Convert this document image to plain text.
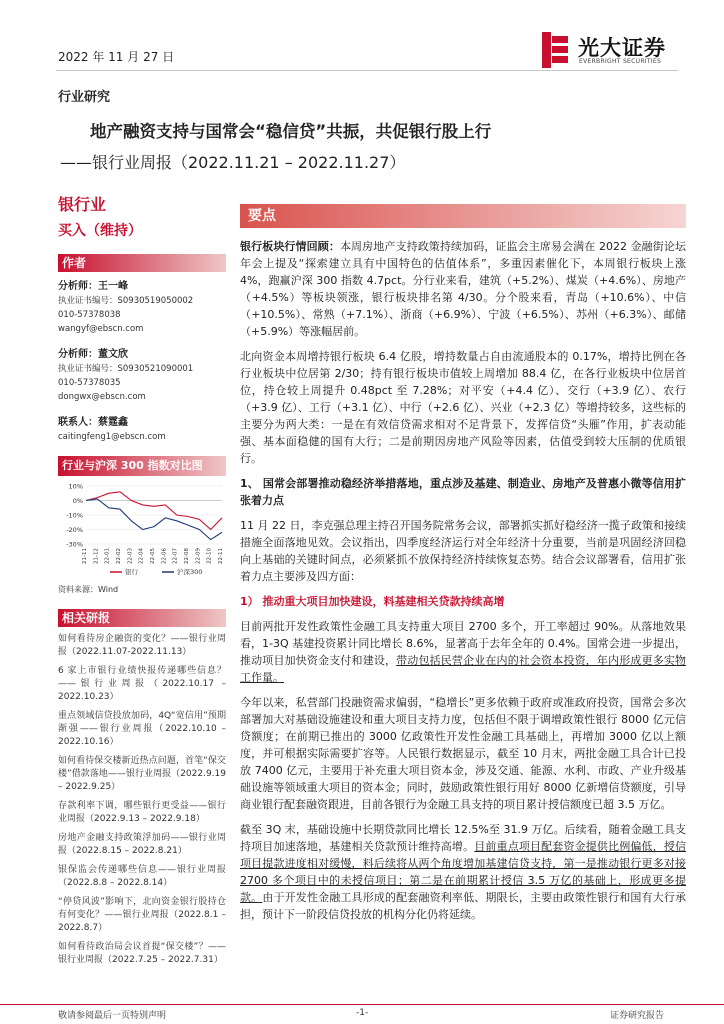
2022 年 11 月 27 日	光大证券
EVERBRIGHT SECURITIES
行业研究
地产融资支持与国常会“稳信贷”共振，共促银行股上行
——银行业周报（2022.11.21 – 2022.11.27）
银行业
买入（维持）
作者
分析师：王一峰
执业证书编号：S0930519050002
010-57378038
wangyf@ebscn.com
分析师：董文欣
执业证书编号：S0930521090001
010-57378035
dongwx@ebscn.com
联系人：蔡霆鑫
caitingfeng1@ebscn.com
行业与沪深 300 指数对比图
10%
0%
-10%
-20%
-30%
21-11 21-12 22-01 22-02 22-03 22-04 22-05 22-06 22-07 22-08 22-09 22-10 22-11
银行	沪深300
资料来源：Wind
相关研报
如何看待房企融资的变化？——银行业周报（2022.11.07-2022.11.13）
6 家上市银行业绩快报传递哪些信息？——银行业周报（2022.10.17 – 2022.10.23）
重点领域信贷投放加码，4Q“宽信用”预期渐强——银行业周报（2022.10.10 – 2022.10.16）
如何看待保交楼新近热点问题，首笔“保交楼”借款落地——银行业周报（2022.9.19 – 2022.9.25）
存款利率下调，哪些银行更受益——银行业周报（2022.9.13 – 2022.9.18）
房地产金融支持政策浮加码——银行业周报（2022.8.15 – 2022.8.21）
银保监会传递哪些信息——银行业周报（2022.8.8 – 2022.8.14）
“停贷风波”影响下，北向资金银行股持仓有何变化？——银行业周报（2022.8.1 – 2022.8.7）
如何看待政治局会议首提“保交楼”？——银行业周报（2022.7.25 – 2022.7.31）
要点

银行板块行情回顾：本周房地产支持政策持续加码，证监会主席易会满在 2022 金融街论坛年会上提及“探索建立具有中国特色的估值体系”，多重因素催化下，本周银行板块上涨 4%，跑赢沪深 300 指数 4.7pct。分行业来看，建筑（+5.2%）、煤炭（+4.6%）、房地产（+4.5%）等板块领涨，银行板块排名第 4/30。分个股来看，青岛（+10.6%）、中信（+10.5%）、常熟（+7.1%）、浙商（+6.9%）、宁波（+6.5%）、苏州（+6.3%）、邮储（+5.9%）等涨幅居前。

北向资金本周增持银行板块 6.4 亿股，增持数量占自由流通股本的 0.17%，增持比例在各行业板块中位居第 2/30；持有银行板块市值较上周增加 88.4 亿，在各行业板块中位居首位，持仓较上周提升 0.48pct 至 7.28%；对平安（+4.4 亿）、交行（+3.9 亿）、农行（+3.9 亿）、工行（+3.1 亿）、中行（+2.6 亿）、兴业（+2.3 亿）等增持较多，这些标的主要分为两大类：一是在有效信贷需求相对不足背景下，发挥信贷“头雁”作用，扩表动能强、基本面稳健的国有大行；二是前期因房地产风险等因素，估值受到较大压制的优质银行。

1、 国常会部署推动稳经济举措落地，重点涉及基建、制造业、房地产及普惠小微等信用扩张着力点

11 月 22 日，李克强总理主持召开国务院常务会议，部署抓实抓好稳经济一揽子政策和接续措施全面落地见效。会议指出，四季度经济运行对全年经济十分重要，当前是巩固经济回稳向上基础的关键时间点，必须紧抓不放保持经济持续恢复态势。结合会议部署看，信用扩张着力点主要涉及四方面：

1） 推动重大项目加快建设，料基建相关贷款持续高增

目前两批开发性政策性金融工具支持重大项目 2700 多个，开工率超过 90%。从落地效果看，1-3Q 基建投资累计同比增长 8.6%，显著高于去年全年的 0.4%。国常会进一步提出，推动项目加快资金支付和建设，带动包括民营企业在内的社会资本投资，年内形成更多实物工作量。

今年以来，私营部门投融资需求偏弱，“稳增长”更多依赖于政府或准政府投资，国常会多次部署加大对基础设施建设和重大项目支持力度，包括但不限于调增政策性银行 8000 亿元信贷额度；在前期已推出的 3000 亿政策性开发性金融工具基础上，再增加 3000 亿以上额度，并可根据实际需要扩容等。人民银行数据显示，截至 10 月末，两批金融工具合计已投放 7400 亿元，主要用于补充重大项目资本金，涉及交通、能源、水利、市政、产业升级基础设施等领域重大项目的资本金；同时，鼓励政策性银行用好 8000 亿新增信贷额度，引导商业银行配套融资跟进，目前各银行为金融工具支持的项目累计授信额度已超 3.5 万亿。

截至 3Q 末，基础设施中长期贷款同比增长 12.5%至 31.9 万亿。后续看，随着金融工具支持项目加速落地，基建相关贷款预计维持高增。目前重点项目配套资金提供比例偏低，授信项目提款进度相对缓慢，料后续将从两个角度增加基建信贷支持，第一是推动银行更多对接 2700 多个项目中的未授信项目；第二是在前期累计授信 3.5 万亿的基础上，形成更多提款。由于开发性金融工具形成的配套融资利率低、期限长，主要由政策性银行和国有大行承担，预计下一阶段信贷投放的机构分化仍将延续。

敬请参阅最后一页特别声明	-1-	证券研究报告
